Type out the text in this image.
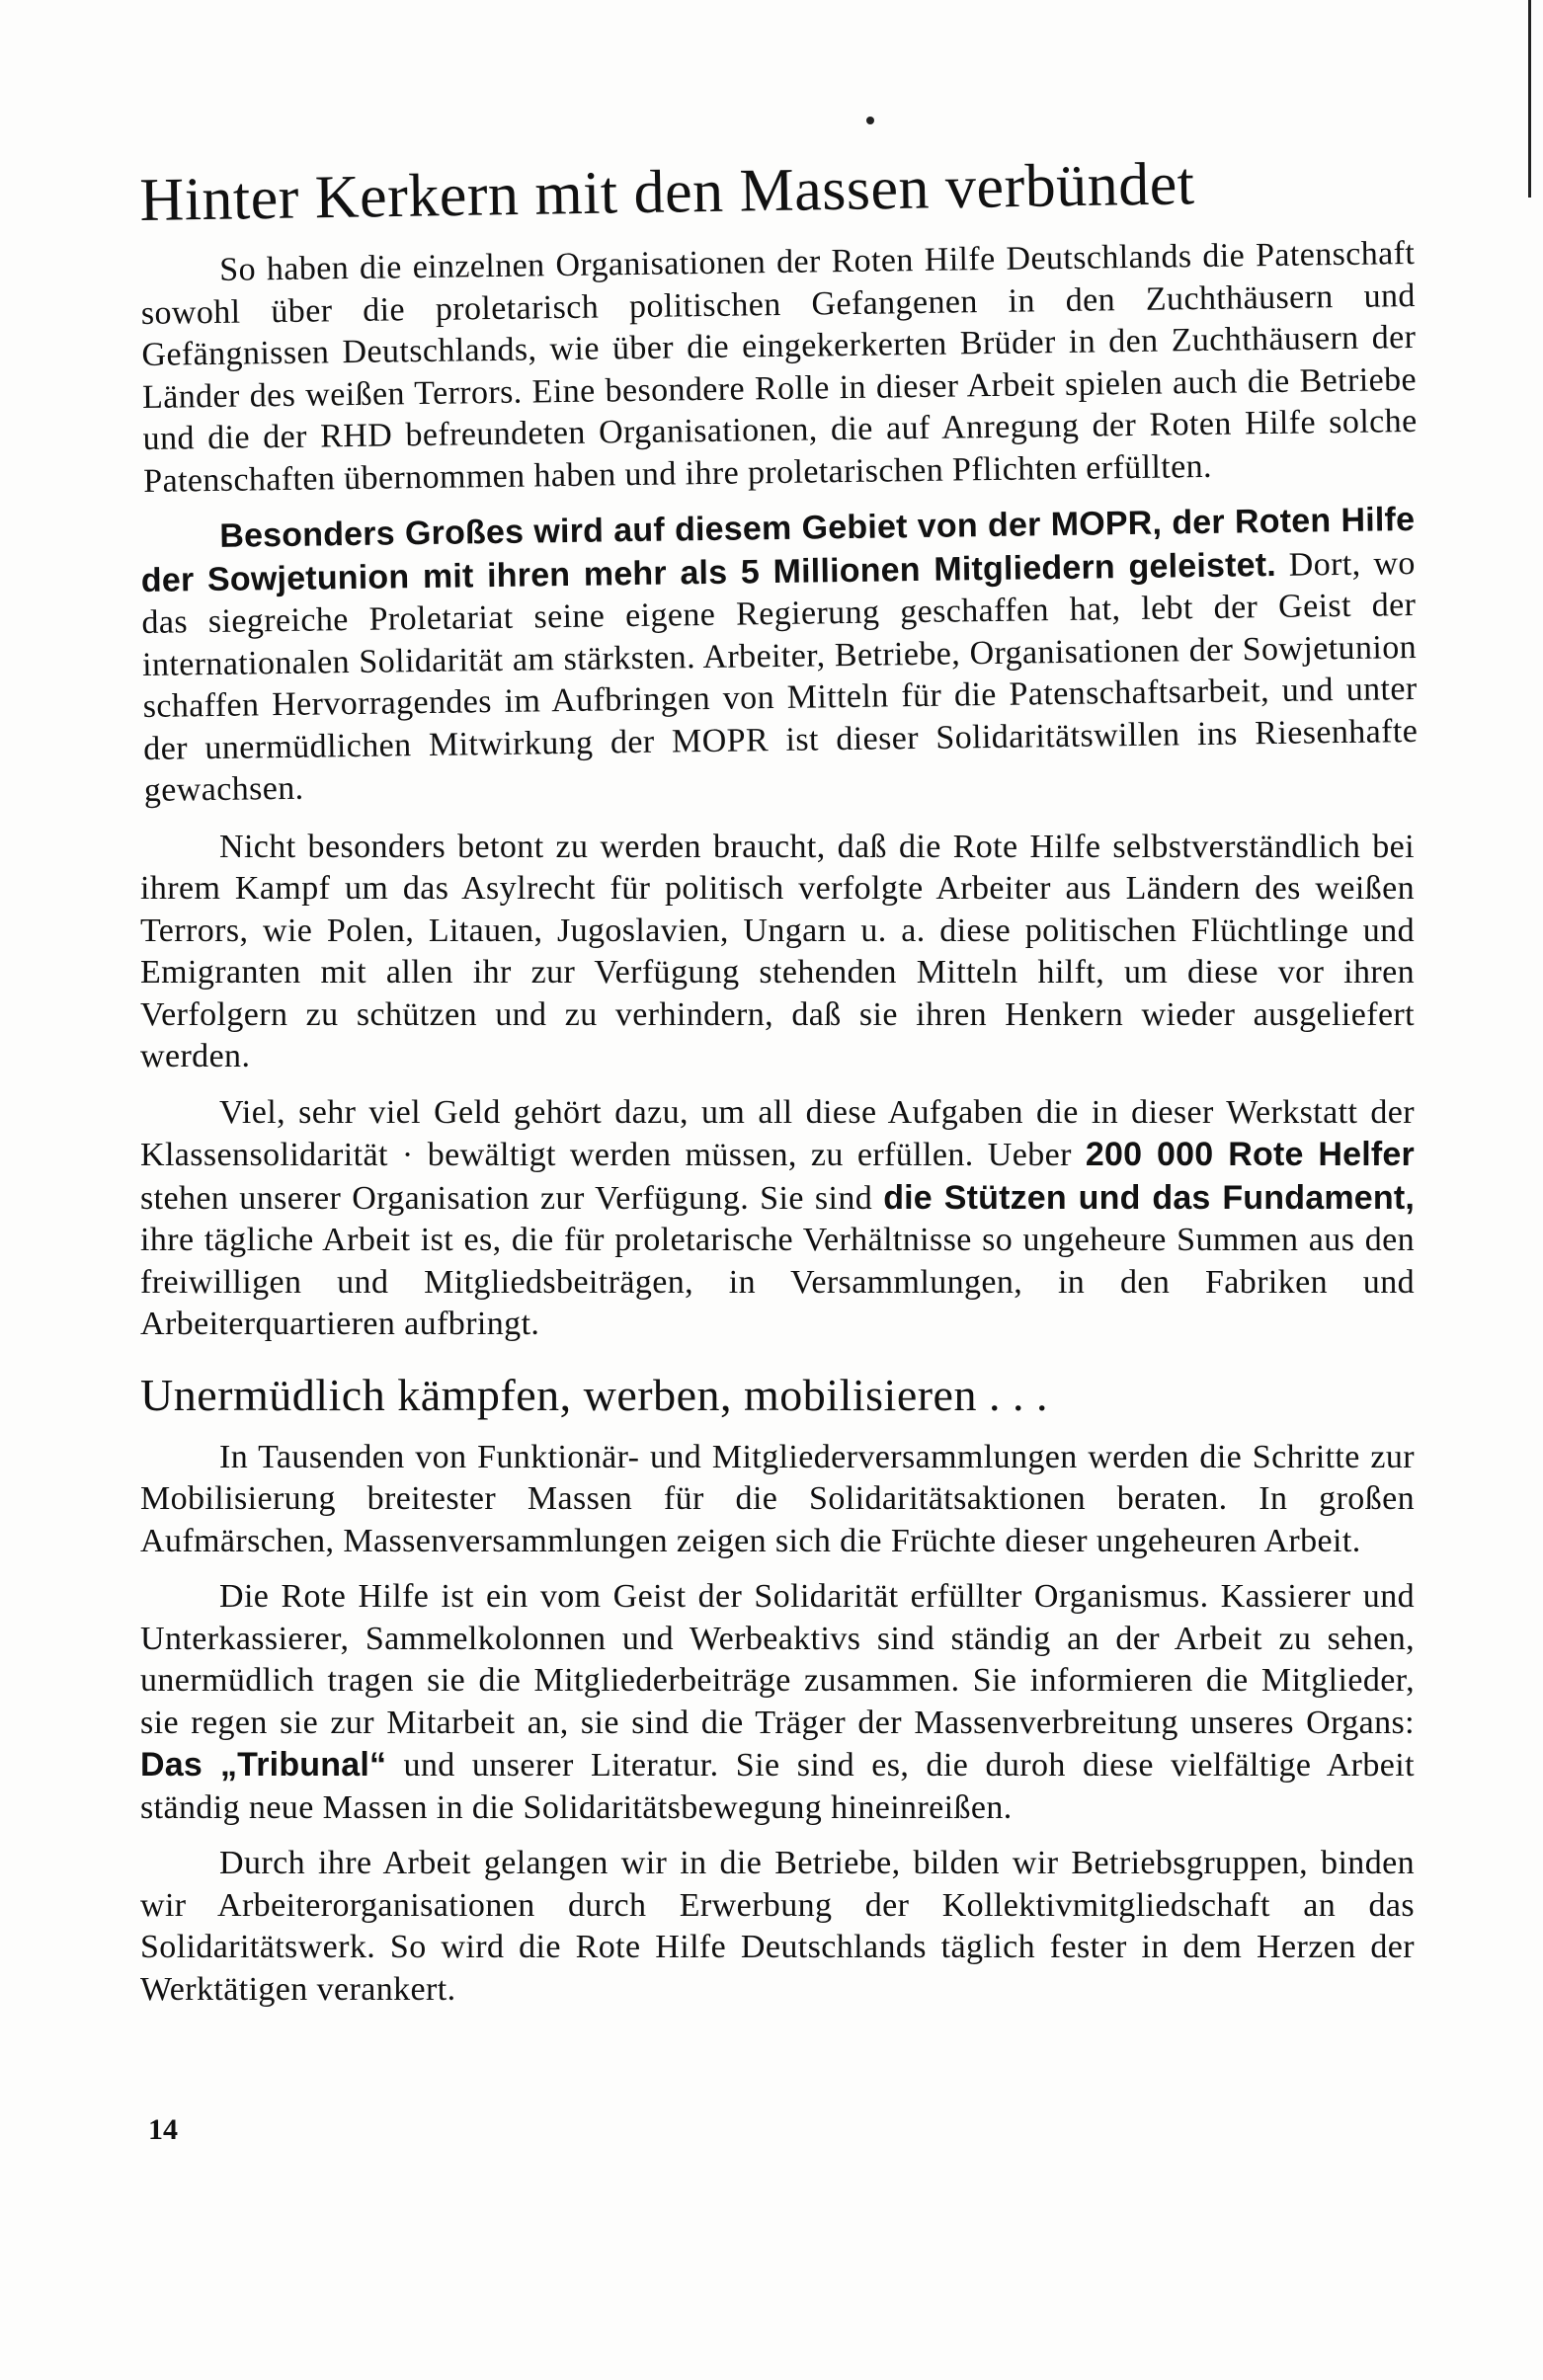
Hinter Kerkern mit den Massen verbündet

So haben die einzelnen Organisationen der Roten Hilfe Deutschlands die Patenschaft sowohl über die proletarisch politischen Gefangenen in den Zuchthäusern und Gefängnissen Deutschlands, wie über die eingekerkerten Brüder in den Zuchthäusern der Länder des weißen Terrors. Eine besondere Rolle in dieser Arbeit spielen auch die Betriebe und die der RHD befreundeten Organisationen, die auf Anregung der Roten Hilfe solche Patenschaften übernommen haben und ihre proletarischen Pflichten erfüllten.

Besonders Großes wird auf diesem Gebiet von der MOPR, der Roten Hilfe der Sowjetunion mit ihren mehr als 5 Millionen Mitgliedern geleistet. Dort, wo das siegreiche Proletariat seine eigene Regierung geschaffen hat, lebt der Geist der internationalen Solidarität am stärksten. Arbeiter, Betriebe, Organisationen der Sowjetunion schaffen Hervorragendes im Aufbringen von Mitteln für die Patenschaftsarbeit, und unter der unermüdlichen Mitwirkung der MOPR ist dieser Solidaritätswillen ins Riesenhafte gewachsen.

Nicht besonders betont zu werden braucht, daß die Rote Hilfe selbstverständlich bei ihrem Kampf um das Asylrecht für politisch verfolgte Arbeiter aus Ländern des weißen Terrors, wie Polen, Litauen, Jugoslavien, Ungarn u. a. diese politischen Flüchtlinge und Emigranten mit allen ihr zur Verfügung stehenden Mitteln hilft, um diese vor ihren Verfolgern zu schützen und zu verhindern, daß sie ihren Henkern wieder ausgeliefert werden.

Viel, sehr viel Geld gehört dazu, um all diese Aufgaben die in dieser Werkstatt der Klassensolidarität · bewältigt werden müssen, zu erfüllen. Ueber 200 000 Rote Helfer stehen unserer Organisation zur Verfügung. Sie sind die Stützen und das Fundament, ihre tägliche Arbeit ist es, die für proletarische Verhältnisse so ungeheure Summen aus den freiwilligen und Mitgliedsbeiträgen, in Versammlungen, in den Fabriken und Arbeiterquartieren aufbringt.

Unermüdlich kämpfen, werben, mobilisieren . . .

In Tausenden von Funktionär- und Mitgliederversammlungen werden die Schritte zur Mobilisierung breitester Massen für die Solidaritätsaktionen beraten. In großen Aufmärschen, Massenversammlungen zeigen sich die Früchte dieser ungeheuren Arbeit.

Die Rote Hilfe ist ein vom Geist der Solidarität erfüllter Organismus. Kassierer und Unterkassierer, Sammelkolonnen und Werbeaktivs sind ständig an der Arbeit zu sehen, unermüdlich tragen sie die Mitgliederbeiträge zusammen. Sie informieren die Mitglieder, sie regen sie zur Mitarbeit an, sie sind die Träger der Massenverbreitung unseres Organs: Das „Tribunal“ und unserer Literatur. Sie sind es, die duroh diese vielfältige Arbeit ständig neue Massen in die Solidaritätsbewegung hineinreißen.

Durch ihre Arbeit gelangen wir in die Betriebe, bilden wir Betriebsgruppen, binden wir Arbeiterorganisationen durch Erwerbung der Kollektivmitgliedschaft an das Solidaritätswerk. So wird die Rote Hilfe Deutschlands täglich fester in dem Herzen der Werktätigen verankert.

14
